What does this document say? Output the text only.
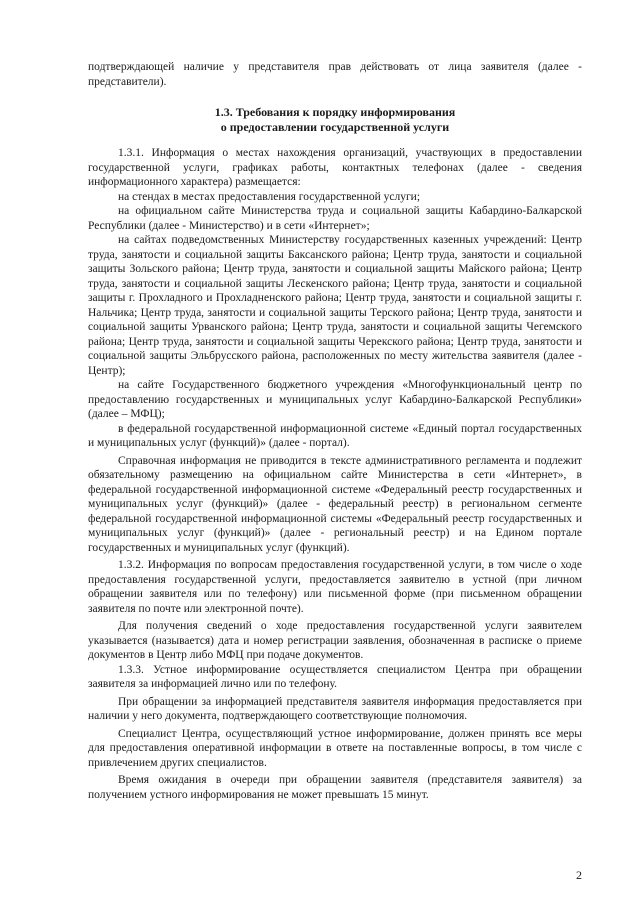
подтверждающей наличие у представителя прав действовать от лица заявителя (далее - представители).

1.3. Требования к порядку информирования
о предоставлении государственной услуги

1.3.1. Информация о местах нахождения организаций, участвующих в предоставлении государственной услуги, графиках работы, контактных телефонах (далее - сведения информационного характера) размещается:

на стендах в местах предоставления государственной услуги;

на официальном сайте Министерства труда и социальной защиты Кабардино-Балкарской Республики (далее - Министерство) и в сети «Интернет»;

на сайтах подведомственных Министерству государственных казенных учреждений: Центр труда, занятости и социальной защиты Баксанского района; Центр труда, занятости и социальной защиты Зольского района; Центр труда, занятости и социальной защиты Майского района; Центр труда, занятости и социальной защиты Лескенского района; Центр труда, занятости и социальной защиты г. Прохладного и Прохладненского района; Центр труда, занятости и социальной защиты г. Нальчика; Центр труда, занятости и социальной защиты Терского района; Центр труда, занятости и социальной защиты Урванского района; Центр труда, занятости и социальной защиты Чегемского района; Центр труда, занятости и социальной защиты Черекского района; Центр труда, занятости и социальной защиты Эльбрусского района, расположенных по месту жительства заявителя (далее - Центр);

на сайте Государственного бюджетного учреждения «Многофункциональный центр по предоставлению государственных и муниципальных услуг Кабардино-Балкарской Республики» (далее – МФЦ);

в федеральной государственной информационной системе «Единый портал государственных и муниципальных услуг (функций)» (далее - портал).

Справочная информация не приводится в тексте административного регламента и подлежит обязательному размещению на официальном сайте Министерства в сети «Интернет», в федеральной государственной информационной системе «Федеральный реестр государственных и муниципальных услуг (функций)» (далее - федеральный реестр) в региональном сегменте федеральной государственной информационной системы «Федеральный реестр государственных и муниципальных услуг (функций)» (далее - региональный реестр) и на Едином портале государственных и муниципальных услуг (функций).

1.3.2. Информация по вопросам предоставления государственной услуги, в том числе о ходе предоставления государственной услуги, предоставляется заявителю в устной (при личном обращении заявителя или по телефону) или письменной форме (при письменном обращении заявителя по почте или электронной почте).

Для получения сведений о ходе предоставления государственной услуги заявителем указывается (называется) дата и номер регистрации заявления, обозначенная в расписке о приеме документов в Центр либо МФЦ при подаче документов.

1.3.3. Устное информирование осуществляется специалистом Центра при обращении заявителя за информацией лично или по телефону.

При обращении за информацией представителя заявителя информация предоставляется при наличии у него документа, подтверждающего соответствующие полномочия.

Специалист Центра, осуществляющий устное информирование, должен принять все меры для предоставления оперативной информации в ответе на поставленные вопросы, в том числе с привлечением других специалистов.

Время ожидания в очереди при обращении заявителя (представителя заявителя) за получением устного информирования не может превышать 15 минут.

2
